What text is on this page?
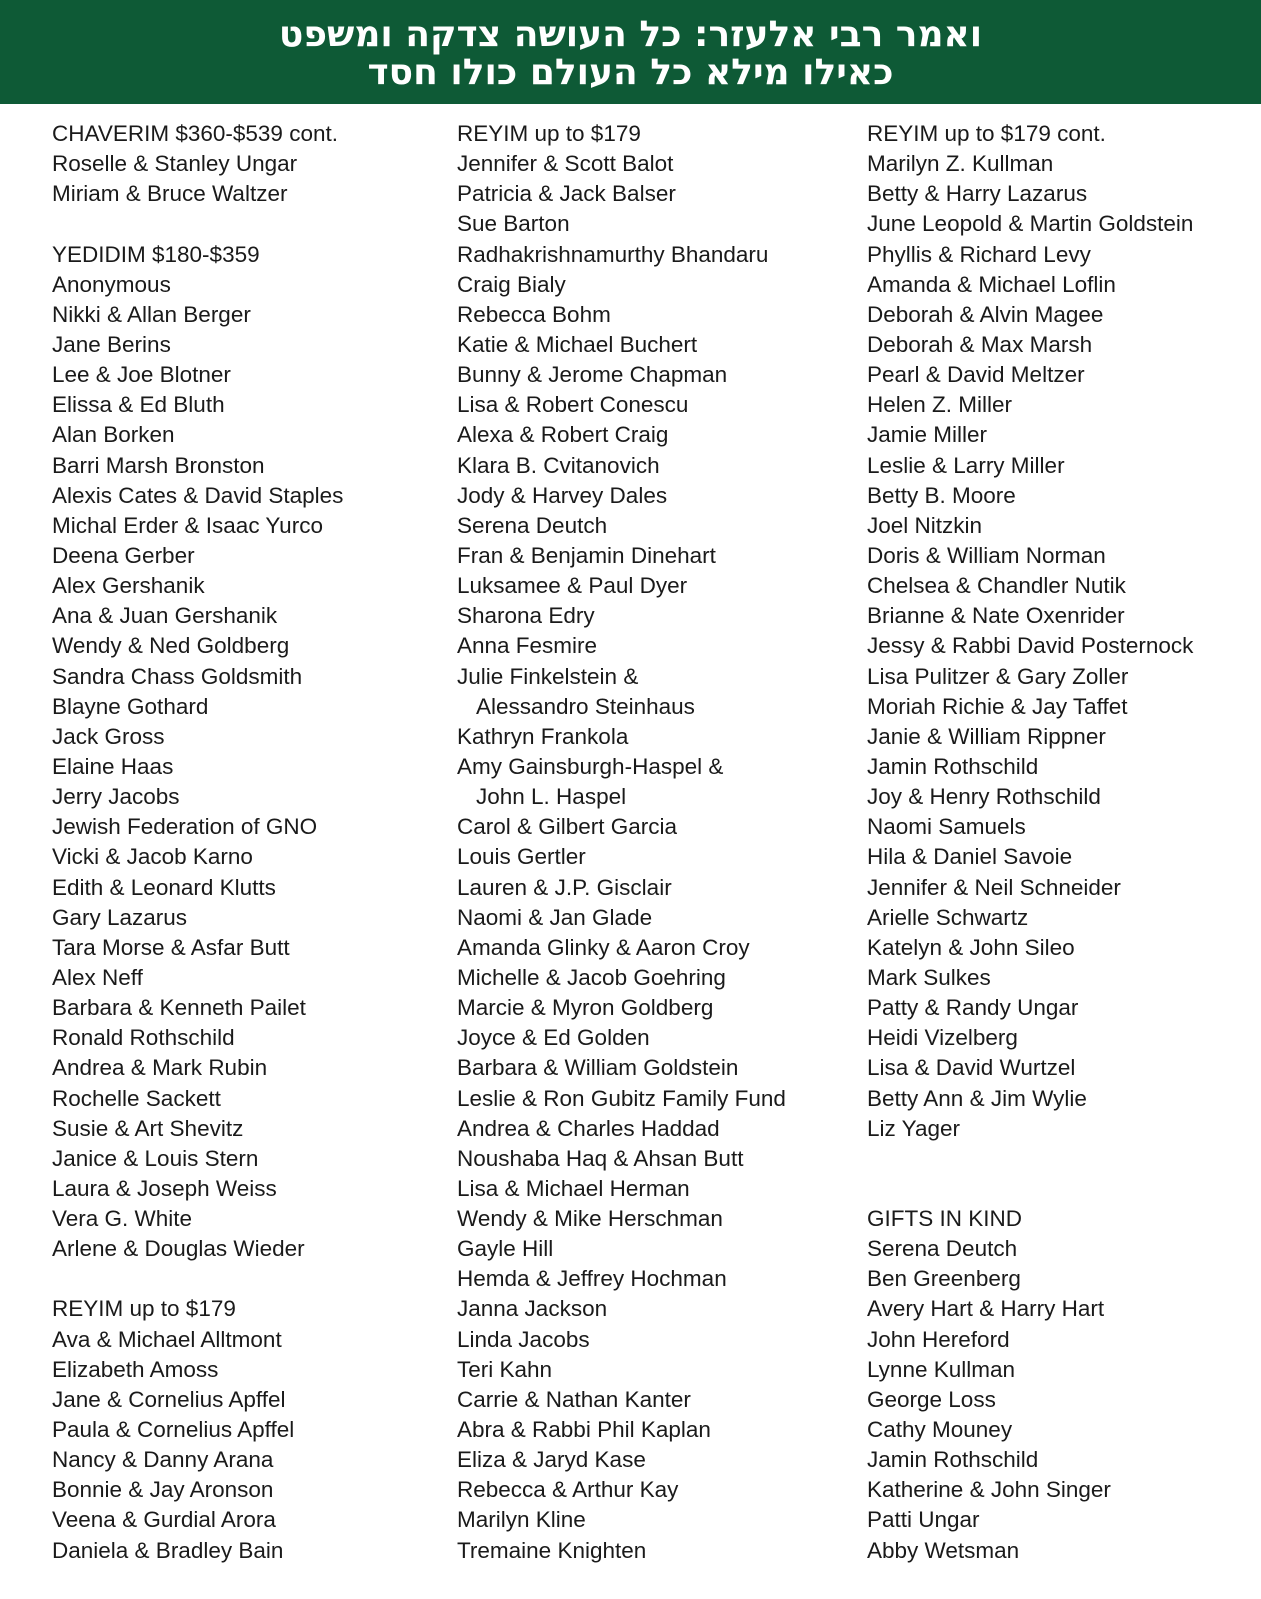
ואמר רבי אלעזר: כל העושה צדקה ומשפט
כאילו מילא כל העולם כולו חסד
CHAVERIM $360-$539 cont.
Roselle & Stanley Ungar
Miriam & Bruce Waltzer
YEDIDIM $180-$359
Anonymous
Nikki & Allan Berger
Jane Berins
Lee & Joe Blotner
Elissa & Ed Bluth
Alan Borken
Barri Marsh Bronston
Alexis Cates & David Staples
Michal Erder & Isaac Yurco
Deena Gerber
Alex Gershanik
Ana & Juan Gershanik
Wendy & Ned Goldberg
Sandra Chass Goldsmith
Blayne Gothard
Jack Gross
Elaine Haas
Jerry Jacobs
Jewish Federation of GNO
Vicki & Jacob Karno
Edith & Leonard Klutts
Gary Lazarus
Tara Morse & Asfar Butt
Alex Neff
Barbara & Kenneth Pailet
Ronald Rothschild
Andrea & Mark Rubin
Rochelle Sackett
Susie & Art Shevitz
Janice & Louis Stern
Laura & Joseph Weiss
Vera G. White
Arlene & Douglas Wieder
REYIM up to $179
Ava & Michael Alltmont
Elizabeth Amoss
Jane & Cornelius Apffel
Paula & Cornelius Apffel
Nancy & Danny Arana
Bonnie & Jay Aronson
Veena & Gurdial Arora
Daniela & Bradley Bain
REYIM up to $179
Jennifer & Scott Balot
Patricia & Jack Balser
Sue Barton
Radhakrishnamurthy Bhandaru
Craig Bialy
Rebecca Bohm
Katie & Michael Buchert
Bunny & Jerome Chapman
Lisa & Robert Conescu
Alexa & Robert Craig
Klara B. Cvitanovich
Jody & Harvey Dales
Serena Deutch
Fran & Benjamin Dinehart
Luksamee & Paul Dyer
Sharona Edry
Anna Fesmire
Julie Finkelstein &
Alessandro Steinhaus
Kathryn Frankola
Amy Gainsburgh-Haspel &
John L. Haspel
Carol & Gilbert Garcia
Louis Gertler
Lauren & J.P. Gisclair
Naomi & Jan Glade
Amanda Glinky & Aaron Croy
Michelle & Jacob Goehring
Marcie & Myron Goldberg
Joyce & Ed Golden
Barbara & William Goldstein
Leslie & Ron Gubitz Family Fund
Andrea & Charles Haddad
Noushaba Haq & Ahsan Butt
Lisa & Michael Herman
Wendy & Mike Herschman
Gayle Hill
Hemda & Jeffrey Hochman
Janna Jackson
Linda Jacobs
Teri Kahn
Carrie & Nathan Kanter
Abra & Rabbi Phil Kaplan
Eliza & Jaryd Kase
Rebecca & Arthur Kay
Marilyn Kline
Tremaine Knighten
REYIM up to $179 cont.
Marilyn Z. Kullman
Betty & Harry Lazarus
June Leopold & Martin Goldstein
Phyllis & Richard Levy
Amanda & Michael Loflin
Deborah & Alvin Magee
Deborah & Max Marsh
Pearl & David Meltzer
Helen Z. Miller
Jamie Miller
Leslie & Larry Miller
Betty B. Moore
Joel Nitzkin
Doris & William Norman
Chelsea & Chandler Nutik
Brianne & Nate Oxenrider
Jessy & Rabbi David Posternock
Lisa Pulitzer & Gary Zoller
Moriah Richie & Jay Taffet
Janie & William Rippner
Jamin Rothschild
Joy & Henry Rothschild
Naomi Samuels
Hila & Daniel Savoie
Jennifer & Neil Schneider
Arielle Schwartz
Katelyn & John Sileo
Mark Sulkes
Patty & Randy Ungar
Heidi Vizelberg
Lisa & David Wurtzel
Betty Ann & Jim Wylie
Liz Yager
GIFTS IN KIND
Serena Deutch
Ben Greenberg
Avery Hart & Harry Hart
John Hereford
Lynne Kullman
George Loss
Cathy Mouney
Jamin Rothschild
Katherine & John Singer
Patti Ungar
Abby Wetsman
